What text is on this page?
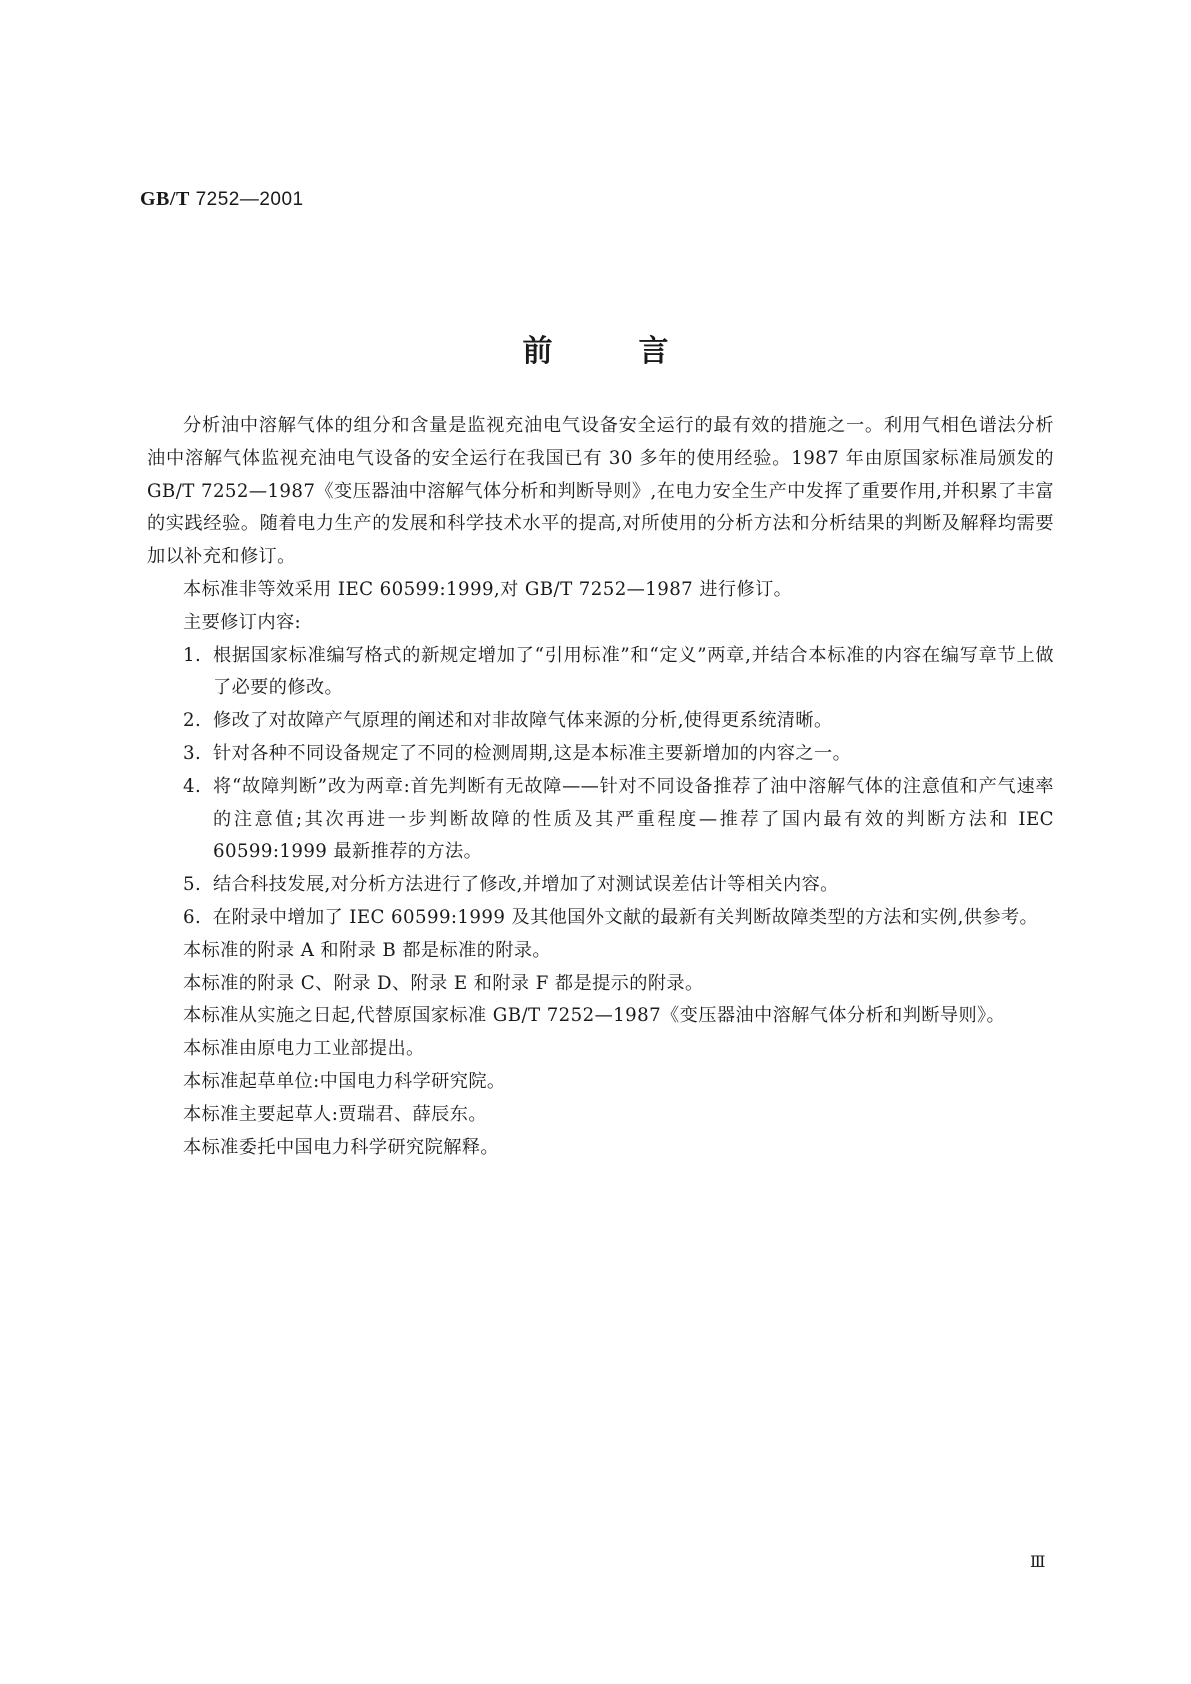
GB/T 7252—2001
前言

分析油中溶解气体的组分和含量是监视充油电气设备安全运行的最有效的措施之一。利用气相色谱法分析油中溶解气体监视充油电气设备的安全运行在我国已有 30 多年的使用经验。1987 年由原国家标准局颁发的 GB/T 7252—1987《变压器油中溶解气体分析和判断导则》,在电力安全生产中发挥了重要作用,并积累了丰富的实践经验。随着电力生产的发展和科学技术水平的提高,对所使用的分析方法和分析结果的判断及解释均需要加以补充和修订。

本标准非等效采用 IEC 60599:1999,对 GB/T 7252—1987 进行修订。

主要修订内容:

1. 根据国家标准编写格式的新规定增加了“引用标准”和“定义”两章,并结合本标准的内容在编写章节上做了必要的修改。
2. 修改了对故障产气原理的阐述和对非故障气体来源的分析,使得更系统清晰。
3. 针对各种不同设备规定了不同的检测周期,这是本标准主要新增加的内容之一。
4. 将“故障判断”改为两章:首先判断有无故障——针对不同设备推荐了油中溶解气体的注意值和产气速率的注意值;其次再进一步判断故障的性质及其严重程度—推荐了国内最有效的判断方法和 IEC 60599:1999 最新推荐的方法。
5. 结合科技发展,对分析方法进行了修改,并增加了对测试误差估计等相关内容。
6. 在附录中增加了 IEC 60599:1999 及其他国外文献的最新有关判断故障类型的方法和实例,供参考。

本标准的附录 A 和附录 B 都是标准的附录。

本标准的附录 C、附录 D、附录 E 和附录 F 都是提示的附录。

本标准从实施之日起,代替原国家标准 GB/T 7252—1987《变压器油中溶解气体分析和判断导则》。

本标准由原电力工业部提出。

本标准起草单位:中国电力科学研究院。

本标准主要起草人:贾瑞君、薛辰东。

本标准委托中国电力科学研究院解释。

Ⅲ
